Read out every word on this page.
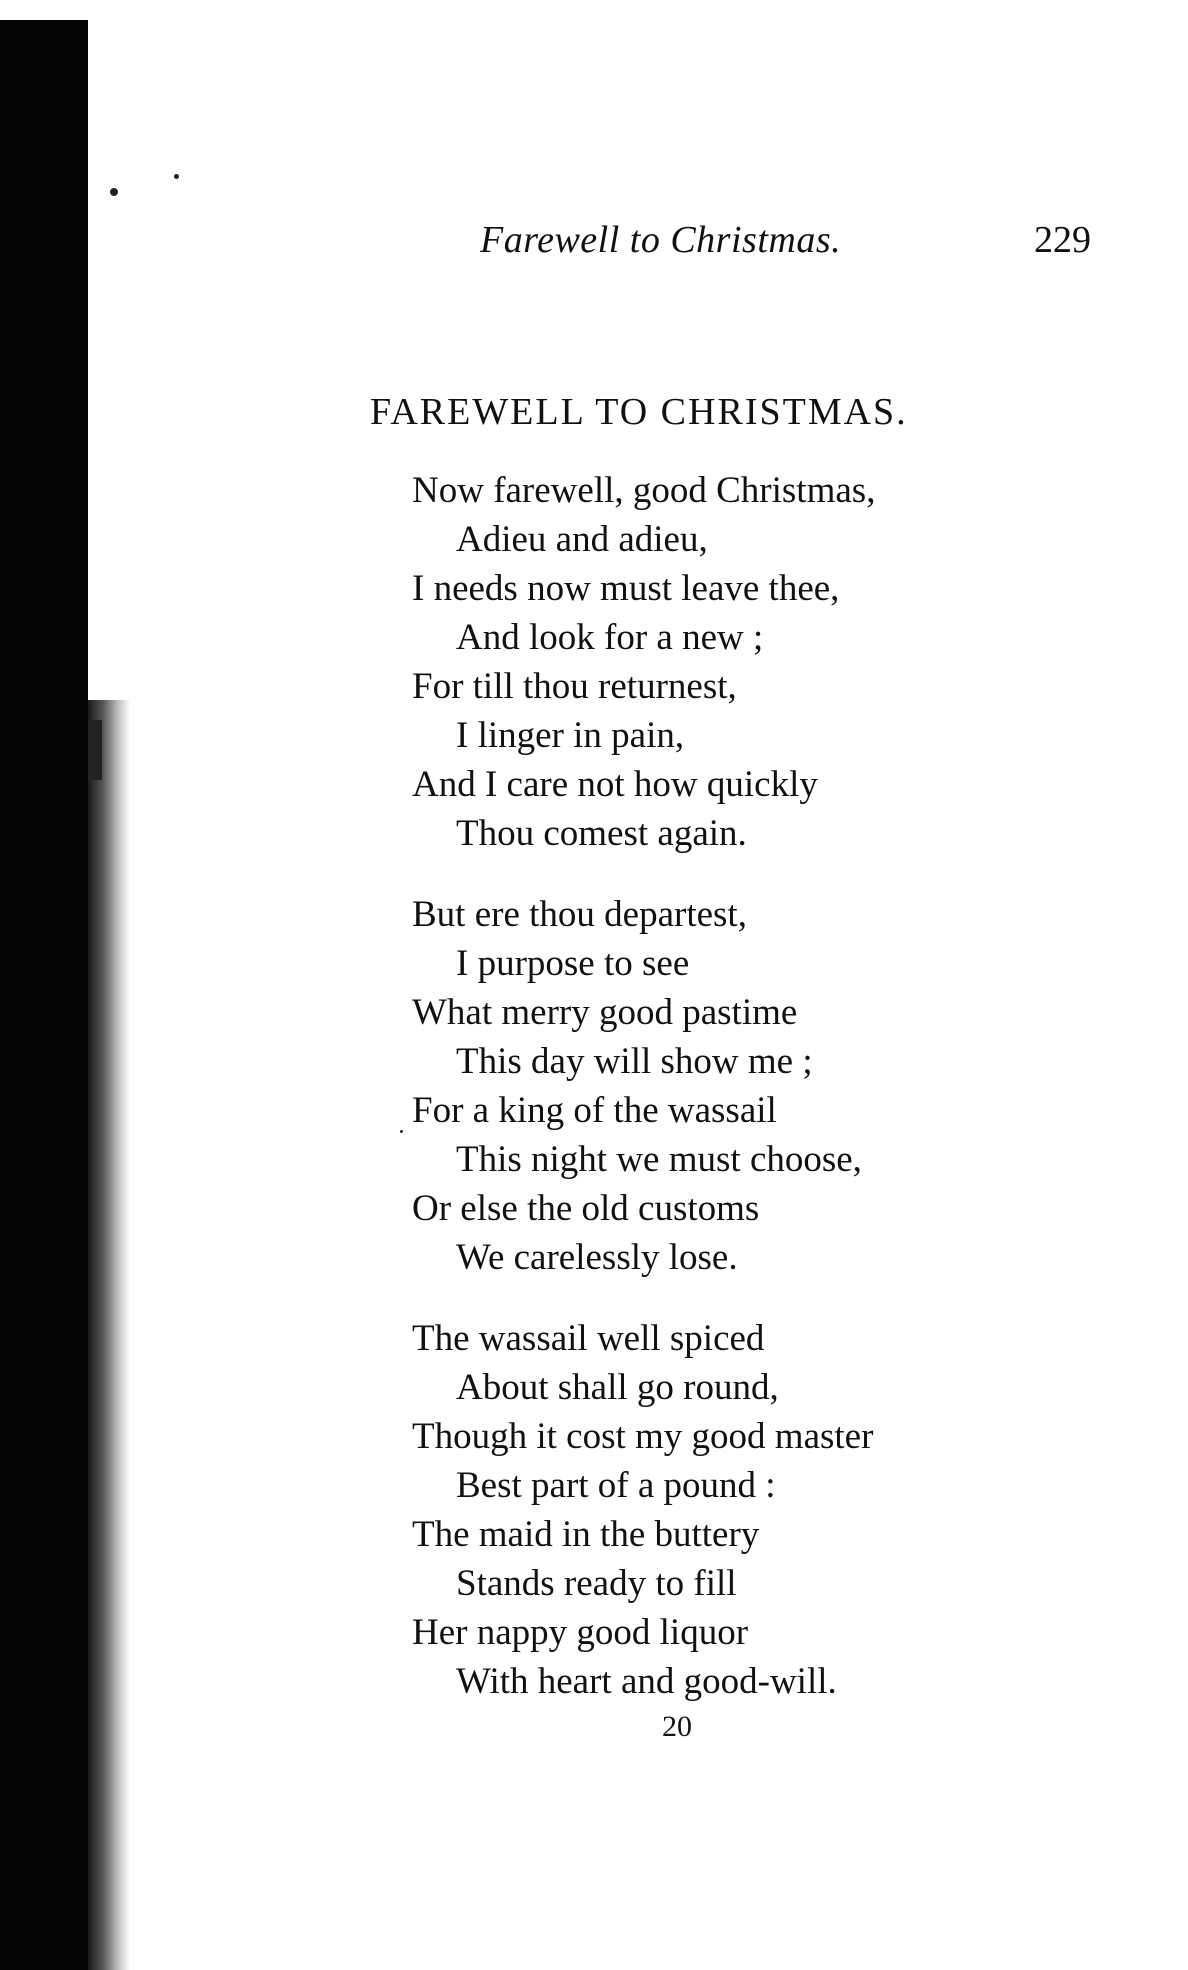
Farewell to Christmas.	229
FAREWELL TO CHRISTMAS.
Now farewell, good Christmas,
Adieu and adieu,
I needs now must leave thee,
And look for a new ;
For till thou returnest,
I linger in pain,
And I care not how quickly
Thou comest again.
But ere thou departest,
I purpose to see
What merry good pastime
This day will show me ;
For a king of the wassail
This night we must choose,
Or else the old customs
We carelessly lose.
The wassail well spiced
About shall go round,
Though it cost my good master
Best part of a pound :
The maid in the buttery
Stands ready to fill
Her nappy good liquor
With heart and good-will.
20
